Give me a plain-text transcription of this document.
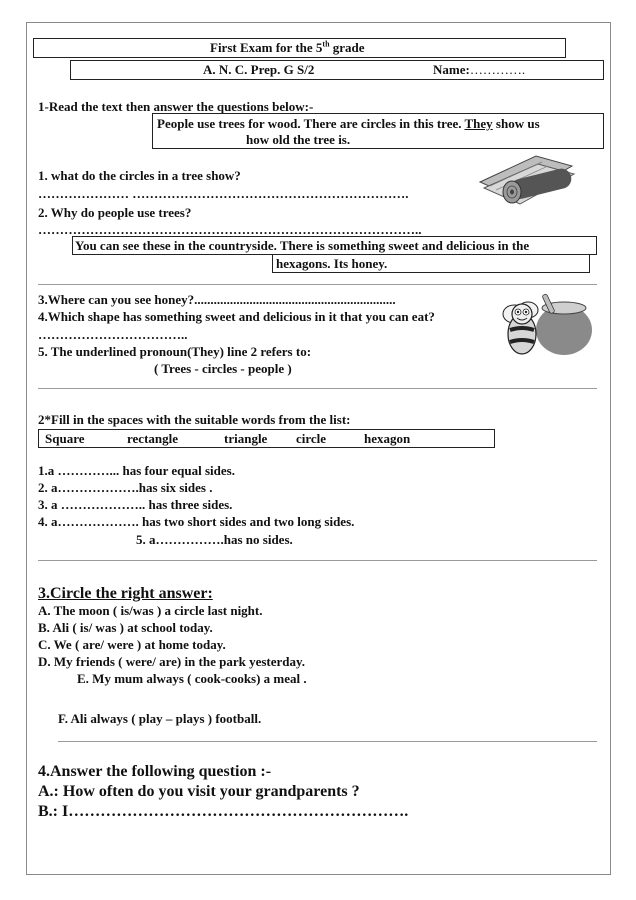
First Exam for the 5th grade
A. N. C. Prep. G S/2	Name:………….
1-Read the text then answer the questions below:-
People use trees for wood. There are circles in this tree. They show us
how old the tree is.
1. what do the circles in a tree show?
………………… ……………………………………………………….
2. Why do people use trees?
……………………………………………………………………………..
You can see these in the countryside. There is something sweet and delicious in the
hexagons. Its honey.
3.Where can you see honey?..............................................................
4.Which shape has something sweet and delicious in it that you can eat?
……………………………..
5. The underlined pronoun(They) line 2 refers to:
( Trees - circles - people )
2*Fill in the spaces with the suitable words from the list:
Square	rectangle	triangle circle	hexagon
1.a …………... has four equal sides.
2. a……………….has six sides .
3. a ……………….. has three sides.
4. a………………. has two short sides and two long sides.
5. a…………….has no sides.
3.Circle the right answer:
A. The moon ( is/was ) a circle last night.
B. Ali ( is/ was ) at school today.
C. We ( are/ were ) at home today.
D. My friends ( were/ are) in the park yesterday.
E. My mum always ( cook-cooks) a meal .
F. Ali always ( play – plays ) football.
4.Answer the following question :-
A.: How often do you visit your grandparents ?
B.: I……………………………………………………….
